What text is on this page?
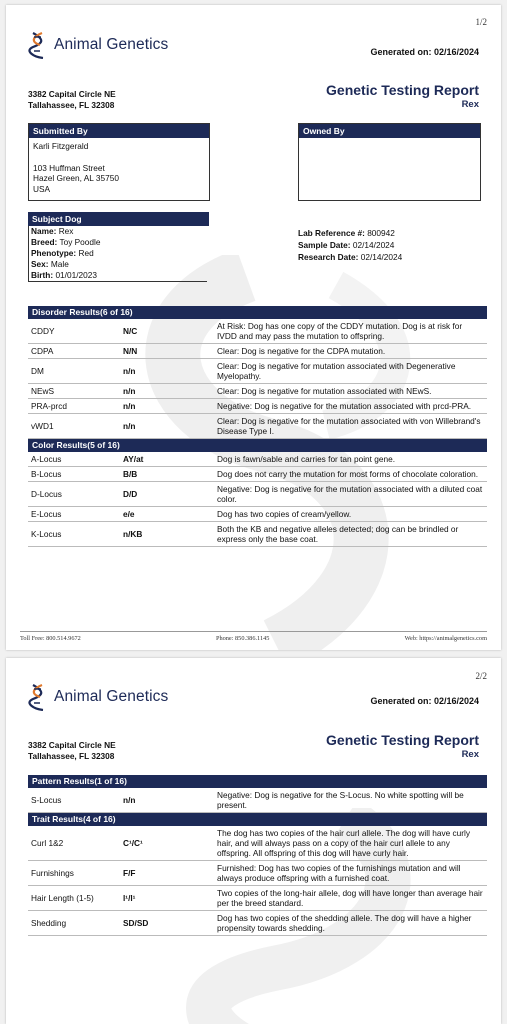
1/2
Animal Genetics	Generated on: 02/16/2024
3382 Capital Circle NE
Tallahassee, FL 32308
Genetic Testing Report
Rex
Submitted By
Karli Fitzgerald
103 Huffman Street
Hazel Green, AL 35750
USA
Owned By
Subject Dog
Name: Rex
Breed: Toy Poodle
Phenotype: Red
Sex: Male
Birth: 01/01/2023
Lab Reference #: 800942
Sample Date: 02/14/2024
Research Date: 02/14/2024
Disorder Results(6 of 16)
CDDY	N/C	At Risk: Dog has one copy of the CDDY mutation. Dog is at risk for IVDD and may pass the mutation to offspring.
CDPA	N/N	Clear: Dog is negative for the CDPA mutation.
DM	n/n	Clear: Dog is negative for mutation associated with Degenerative Myelopathy.
NEwS	n/n	Clear: Dog is negative for mutation associated with NEwS.
PRA-prcd	n/n	Negative: Dog is negative for the mutation associated with prcd-PRA.
vWD1	n/n	Clear: Dog is negative for the mutation associated with von Willebrand's Disease Type I.
Color Results(5 of 16)
A-Locus	AY/at	Dog is fawn/sable and carries for tan point gene.
B-Locus	B/B	Dog does not carry the mutation for most forms of chocolate coloration.
D-Locus	D/D	Negative: Dog is negative for the mutation associated with a diluted coat color.
E-Locus	e/e	Dog has two copies of cream/yellow.
K-Locus	n/KB	Both the KB and negative alleles detected; dog can be brindled or express only the base coat.
Toll Free: 800.514.9672	Phone: 850.386.1145	Web: https://animalgenetics.com
2/2
Animal Genetics	Generated on: 02/16/2024
3382 Capital Circle NE
Tallahassee, FL 32308
Genetic Testing Report
Rex
Pattern Results(1 of 16)
S-Locus	n/n	Negative: Dog is negative for the S-Locus. No white spotting will be present.
Trait Results(4 of 16)
Curl 1&2	C¹/C¹	The dog has two copies of the hair curl allele. The dog will have curly hair, and will always pass on a copy of the hair curl allele to any offspring. All offspring of this dog will have curly hair.
Furnishings	F/F	Furnished: Dog has two copies of the furnishings mutation and will always produce offspring with a furnished coat.
Hair Length (1-5)	l¹/l¹	Two copies of the long-hair allele, dog will have longer than average hair per the breed standard.
Shedding	SD/SD	Dog has two copies of the shedding allele. The dog will have a higher propensity towards shedding.
